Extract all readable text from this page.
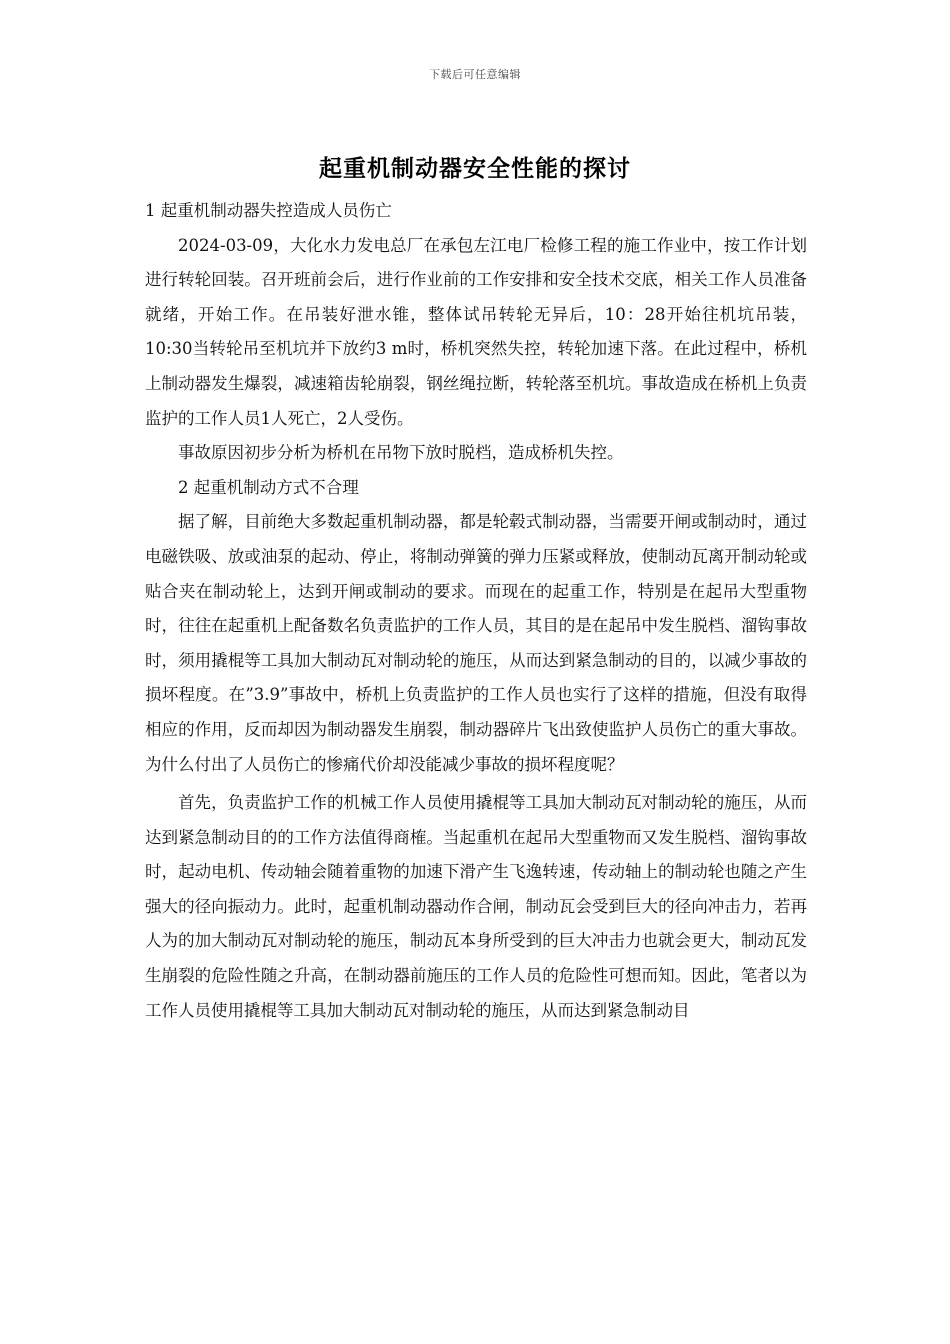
下载后可任意编辑
起重机制动器安全性能的探讨

1 起重机制动器失控造成人员伤亡

2024-03-09，大化水力发电总厂在承包左江电厂检修工程的施工作业中，按工作计划进行转轮回装。召开班前会后，进行作业前的工作安排和安全技术交底，相关工作人员准备就绪，开始工作。在吊装好泄水锥，整体试吊转轮无异后，10：28开始往机坑吊装，10:30当转轮吊至机坑并下放约3 m时，桥机突然失控，转轮加速下落。在此过程中，桥机上制动器发生爆裂，减速箱齿轮崩裂，钢丝绳拉断，转轮落至机坑。事故造成在桥机上负责监护的工作人员1人死亡，2人受伤。

事故原因初步分析为桥机在吊物下放时脱档，造成桥机失控。

2 起重机制动方式不合理

据了解，目前绝大多数起重机制动器，都是轮毂式制动器，当需要开闸或制动时，通过电磁铁吸、放或油泵的起动、停止，将制动弹簧的弹力压紧或释放，使制动瓦离开制动轮或贴合夹在制动轮上，达到开闸或制动的要求。而现在的起重工作，特别是在起吊大型重物时，往往在起重机上配备数名负责监护的工作人员，其目的是在起吊中发生脱档、溜钩事故时，须用撬棍等工具加大制动瓦对制动轮的施压，从而达到紧急制动的目的，以减少事故的损坏程度。在”3.9”事故中，桥机上负责监护的工作人员也实行了这样的措施，但没有取得相应的作用，反而却因为制动器发生崩裂，制动器碎片飞出致使监护人员伤亡的重大事故。为什么付出了人员伤亡的惨痛代价却没能减少事故的损坏程度呢？

首先，负责监护工作的机械工作人员使用撬棍等工具加大制动瓦对制动轮的施压，从而达到紧急制动目的的工作方法值得商榷。当起重机在起吊大型重物而又发生脱档、溜钩事故时，起动电机、传动轴会随着重物的加速下滑产生飞逸转速，传动轴上的制动轮也随之产生强大的径向振动力。此时，起重机制动器动作合闸，制动瓦会受到巨大的径向冲击力，若再人为的加大制动瓦对制动轮的施压，制动瓦本身所受到的巨大冲击力也就会更大，制动瓦发生崩裂的危险性随之升高，在制动器前施压的工作人员的危险性可想而知。因此，笔者以为工作人员使用撬棍等工具加大制动瓦对制动轮的施压，从而达到紧急制动目
